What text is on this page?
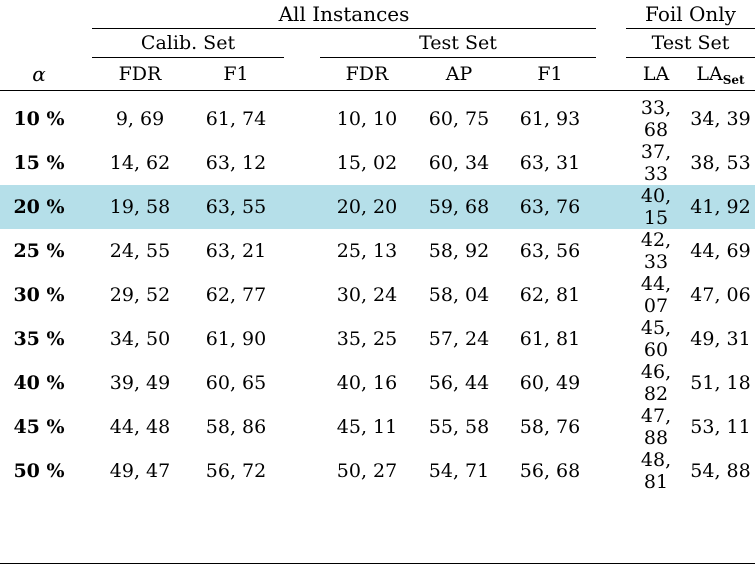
		All Instances							Foil Only	
		Calib. Set			Test Set				Test Set	
α		FDR	F1		FDR	AP	F1		LA	$LA_{Set}$

10 %		9, 69	61, 74		10, 10	60, 75	61, 93		33, 68	34, 39
15 %		14, 62	63, 12		15, 02	60, 34	63, 31		37, 33	38, 53
20 %		19, 58	63, 55		20, 20	59, 68	63, 76		40, 15	41, 92
25 %		24, 55	63, 21		25, 13	58, 92	63, 56		42, 33	44, 69
30 %		29, 52	62, 77		30, 24	58, 04	62, 81		44, 07	47, 06
35 %		34, 50	61, 90		35, 25	57, 24	61, 81		45, 60	49, 31
40 %		39, 49	60, 65		40, 16	56, 44	60, 49		46, 82	51, 18
45 %		44, 48	58, 86		45, 11	55, 58	58, 76		47, 88	53, 11
50 %		49, 47	56, 72		50, 27	54, 71	56, 68		48, 81	54, 88
